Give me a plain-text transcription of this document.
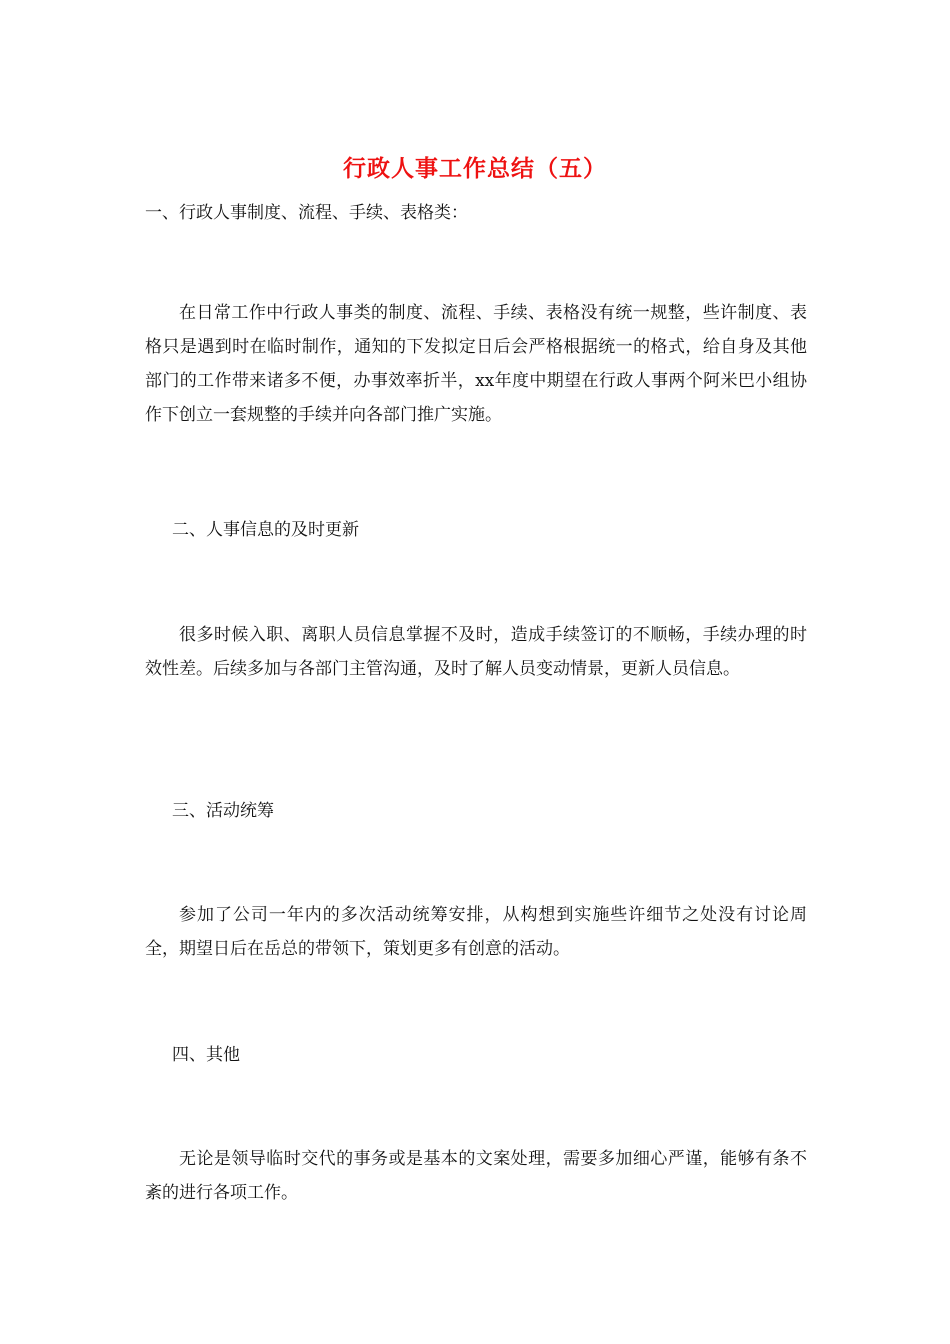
行政人事工作总结（五）
一、行政人事制度、流程、手续、表格类：
在日常工作中行政人事类的制度、流程、手续、表格没有统一规整，些许制度、表格只是遇到时在临时制作，通知的下发拟定日后会严格根据统一的格式，给自身及其他部门的工作带来诸多不便，办事效率折半，xx年度中期望在行政人事两个阿米巴小组协作下创立一套规整的手续并向各部门推广实施。
二、人事信息的及时更新
很多时候入职、离职人员信息掌握不及时，造成手续签订的不顺畅，手续办理的时效性差。后续多加与各部门主管沟通，及时了解人员变动情景，更新人员信息。
三、活动统筹
参加了公司一年内的多次活动统筹安排，从构想到实施些许细节之处没有讨论周全，期望日后在岳总的带领下，策划更多有创意的活动。
四、其他
无论是领导临时交代的事务或是基本的文案处理，需要多加细心严谨，能够有条不紊的进行各项工作。
